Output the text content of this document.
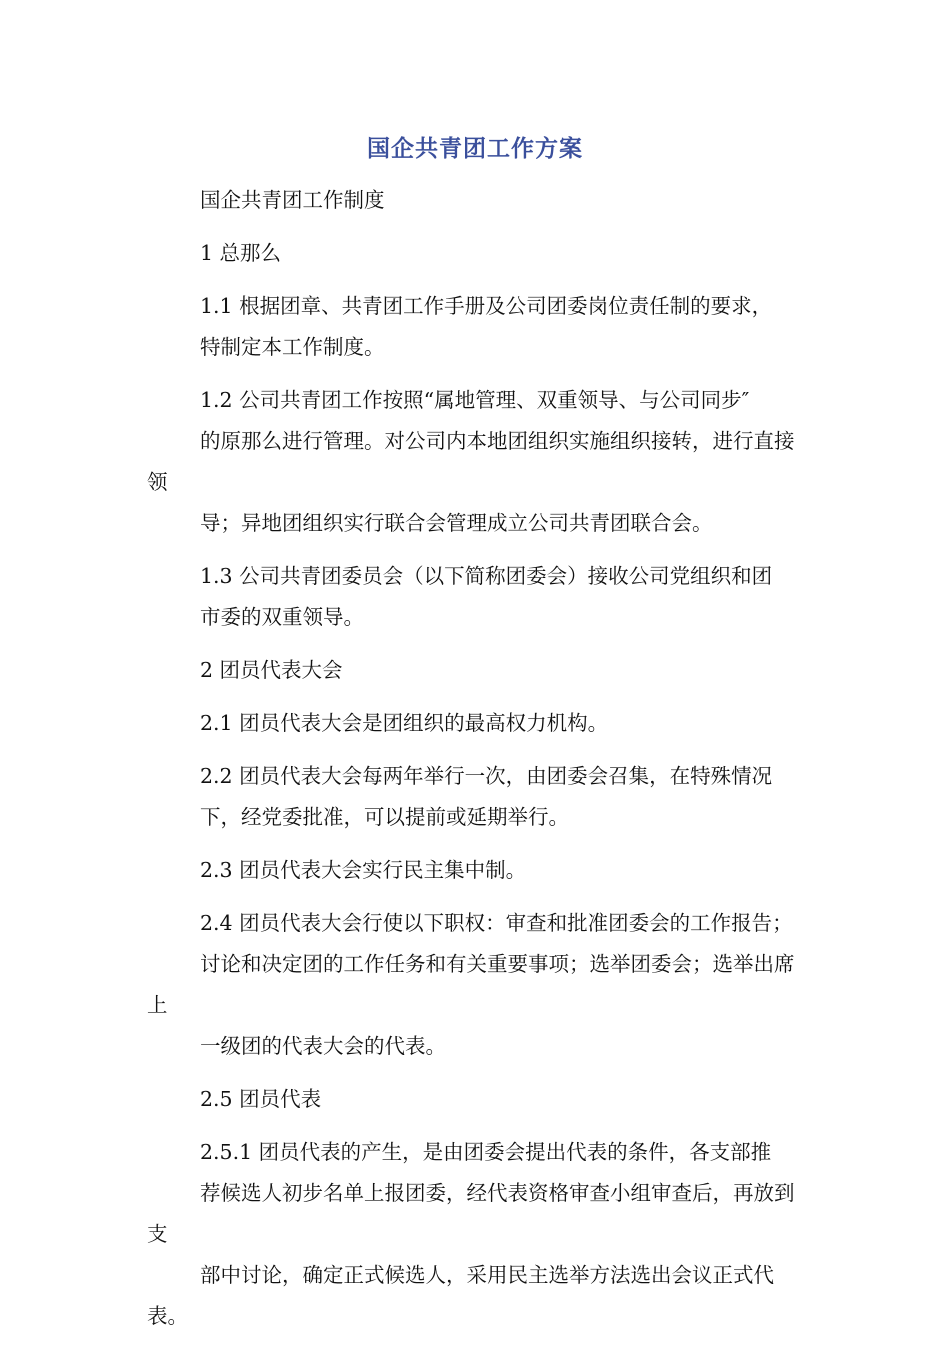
国企共青团工作方案

国企共青团工作制度

1 总那么

1.1 根据团章、共青团工作手册及公司团委岗位责任制的要求，
特制定本工作制度。

1.2 公司共青团工作按照“属地管理、双重领导、与公司同步″
的原那么进行管理。对公司内本地团组织实施组织接转，进行直接领
导；异地团组织实行联合会管理成立公司共青团联合会。

1.3 公司共青团委员会（以下简称团委会）接收公司党组织和团
市委的双重领导。

2 团员代表大会

2.1 团员代表大会是团组织的最高权力机构。

2.2 团员代表大会每两年举行一次，由团委会召集，在特殊情况
下，经党委批准，可以提前或延期举行。

2.3 团员代表大会实行民主集中制。

2.4 团员代表大会行使以下职权：审查和批准团委会的工作报告；
讨论和决定团的工作任务和有关重要事项；选举团委会；选举出席上
一级团的代表大会的代表。

2.5 团员代表

2.5.1 团员代表的产生，是由团委会提出代表的条件，各支部推
荐候选人初步名单上报团委，经代表资格审查小组审查后，再放到支
部中讨论，确定正式候选人，采用民主选举方法选出会议正式代表。
